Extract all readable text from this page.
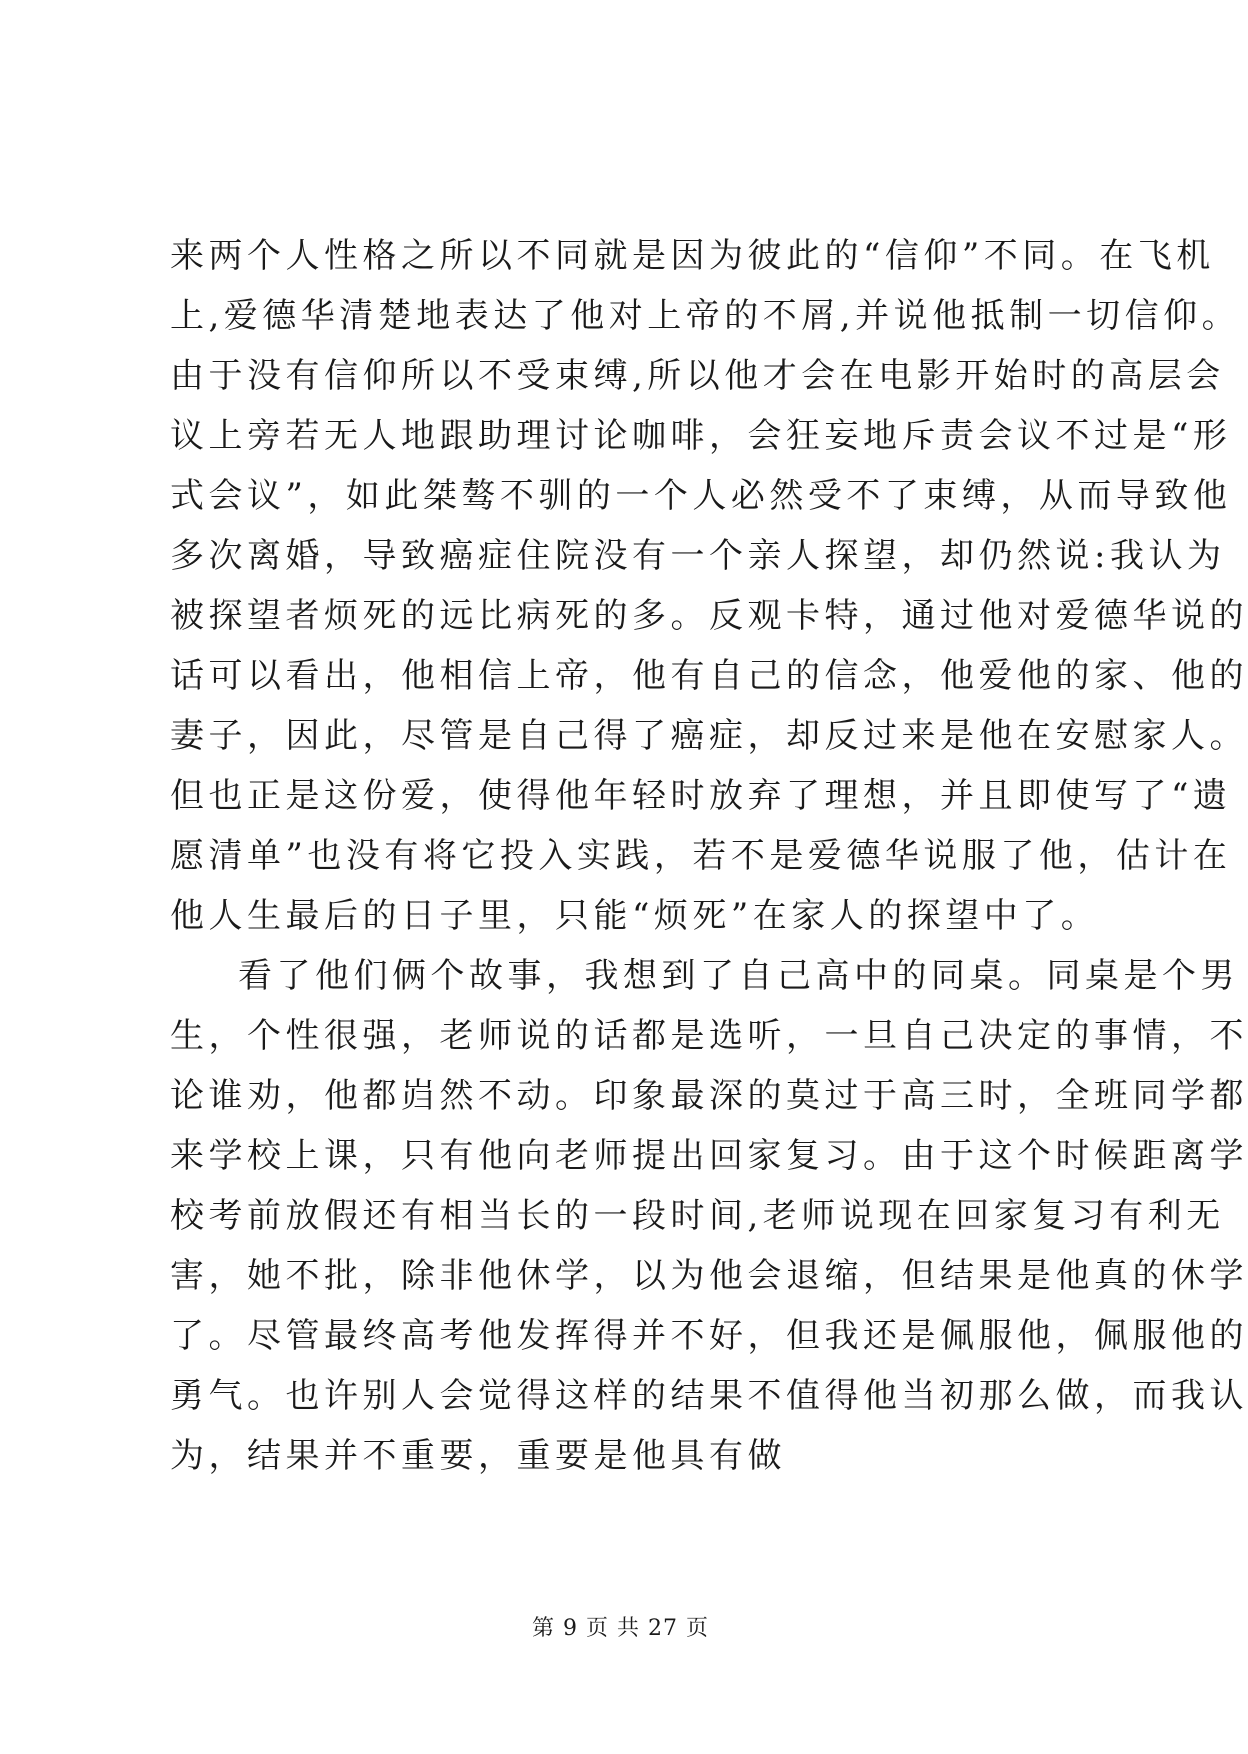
来两个人性格之所以不同就是因为彼此的“信仰”不同。在飞机
上,爱德华清楚地表达了他对上帝的不屑,并说他抵制一切信仰。
由于没有信仰所以不受束缚,所以他才会在电影开始时的高层会
议上旁若无人地跟助理讨论咖啡，会狂妄地斥责会议不过是“形
式会议”，如此桀骜不驯的一个人必然受不了束缚，从而导致他
多次离婚，导致癌症住院没有一个亲人探望，却仍然说:我认为
被探望者烦死的远比病死的多。反观卡特，通过他对爱德华说的
话可以看出，他相信上帝，他有自己的信念，他爱他的家、他的
妻子，因此，尽管是自己得了癌症，却反过来是他在安慰家人。
但也正是这份爱，使得他年轻时放弃了理想，并且即使写了“遗
愿清单”也没有将它投入实践，若不是爱德华说服了他，估计在
他人生最后的日子里，只能“烦死”在家人的探望中了。
看了他们俩个故事，我想到了自己高中的同桌。同桌是个男
生，个性很强，老师说的话都是选听，一旦自己决定的事情，不
论谁劝，他都岿然不动。印象最深的莫过于高三时，全班同学都
来学校上课，只有他向老师提出回家复习。由于这个时候距离学
校考前放假还有相当长的一段时间,老师说现在回家复习有利无
害，她不批，除非他休学，以为他会退缩，但结果是他真的休学
了。尽管最终高考他发挥得并不好，但我还是佩服他，佩服他的
勇气。也许别人会觉得这样的结果不值得他当初那么做，而我认
为，结果并不重要，重要是他具有做
第 9 页 共 27 页
